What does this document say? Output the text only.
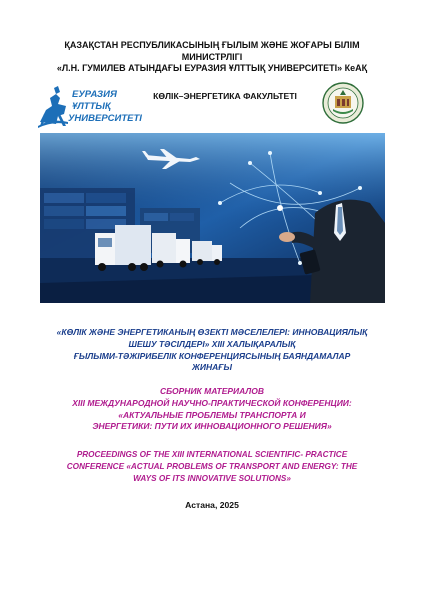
ҚАЗАҚСТАН РЕСПУБЛИКАСЫНЫҢ ҒЫЛЫМ ЖӘНЕ ЖОҒАРЫ БІЛІМ
МИНИСТРЛІГІ
«Л.Н. ГУМИЛЕВ АТЫНДАҒЫ ЕУРАЗИЯ ҰЛТТЫҚ УНИВЕРСИТЕТІ» КеАҚ
ЕУРАЗИЯ
ҰЛТТЫҚ
УНИВЕРСИТЕТІ
КӨЛІК–ЭНЕРГЕТИКА ФАКУЛЬТЕТІ
«КӨЛІК ЖӘНЕ ЭНЕРГЕТИКАНЫҢ ӨЗЕКТІ МӘСЕЛЕЛЕРІ: ИННОВАЦИЯЛЫҚ
ШЕШУ ТӘСІЛДЕРІ» XIII ХАЛЫҚАРАЛЫҚ
ҒЫЛЫМИ-ТӘЖІРИБЕЛІК КОНФЕРЕНЦИЯСЫНЫҢ БАЯНДАМАЛАР
ЖИНАҒЫ
СБОРНИК МАТЕРИАЛОВ
XIII МЕЖДУНАРОДНОЙ НАУЧНО-ПРАКТИЧЕСКОЙ КОНФЕРЕНЦИИ:
«АКТУАЛЬНЫЕ ПРОБЛЕМЫ ТРАНСПОРТА И
ЭНЕРГЕТИКИ: ПУТИ ИХ ИННОВАЦИОННОГО РЕШЕНИЯ»
PROCEEDINGS OF THE XIII INTERNATIONAL SCIENTIFIC- PRACTICE
CONFERENCE «ACTUAL PROBLEMS OF TRANSPORT AND ENERGY: THE
WAYS OF ITS INNOVATIVE SOLUTIONS»
Астана, 2025
